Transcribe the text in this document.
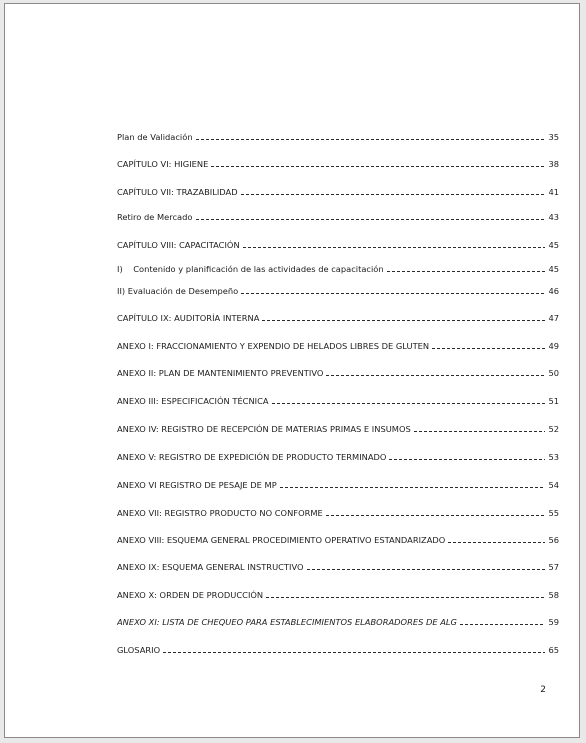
Plan de Validación	35
CAPÍTULO VI: HIGIENE	38
CAPÍTULO VII: TRAZABILIDAD	41
Retiro de Mercado	43
CAPÍTULO VIII: CAPACITACIÓN	45
I)    Contenido y planificación de las actividades de capacitación	45
II) Evaluación de Desempeño	46
CAPÍTULO IX: AUDITORÍA INTERNA	47
ANEXO I: FRACCIONAMIENTO Y EXPENDIO DE HELADOS LIBRES DE GLUTEN	49
ANEXO II: PLAN DE MANTENIMIENTO PREVENTIVO	50
ANEXO III: ESPECIFICACIÓN TÉCNICA	51
ANEXO IV: REGISTRO DE RECEPCIÓN DE MATERIAS PRIMAS E INSUMOS	52
ANEXO V: REGISTRO DE EXPEDICIÓN DE PRODUCTO TERMINADO	53
ANEXO VI REGISTRO DE PESAJE DE MP	54
ANEXO VII: REGISTRO PRODUCTO NO CONFORME	55
ANEXO VIII: ESQUEMA GENERAL PROCEDIMIENTO OPERATIVO ESTANDARIZADO	56
ANEXO IX: ESQUEMA GENERAL INSTRUCTIVO	57
ANEXO X: ORDEN DE PRODUCCIÓN	58
ANEXO XI: LISTA DE CHEQUEO PARA ESTABLECIMIENTOS ELABORADORES DE ALG	59
GLOSARIO	65
2
